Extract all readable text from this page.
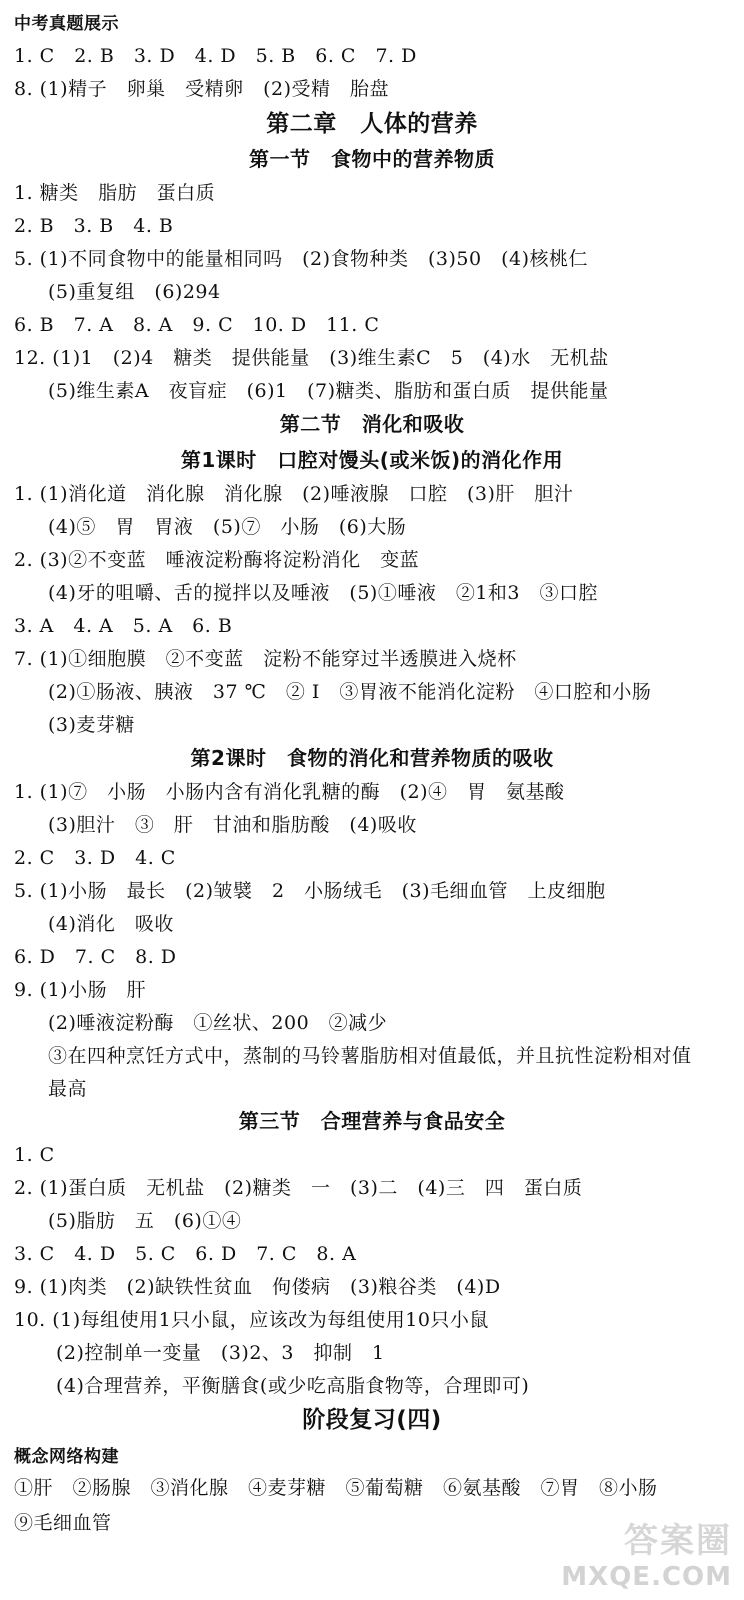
中考真题展示
1. C　2. B　3. D　4. D　5. B　6. C　7. D
8. (1)精子　卵巢　受精卵　(2)受精　胎盘
第二章　人体的营养
第一节　食物中的营养物质
1. 糖类　脂肪　蛋白质
2. B　3. B　4. B
5. (1)不同食物中的能量相同吗　(2)食物种类　(3)50　(4)核桃仁
(5)重复组　(6)294
6. B　7. A　8. A　9. C　10. D　11. C
12. (1)1　(2)4　糖类　提供能量　(3)维生素C　5　(4)水　无机盐
(5)维生素A　夜盲症　(6)1　(7)糖类、脂肪和蛋白质　提供能量
第二节　消化和吸收
第1课时　口腔对馒头(或米饭)的消化作用
1. (1)消化道　消化腺　消化腺　(2)唾液腺　口腔　(3)肝　胆汁
(4)⑤　胃　胃液　(5)⑦　小肠　(6)大肠
2. (3)②不变蓝　唾液淀粉酶将淀粉消化　变蓝
(4)牙的咀嚼、舌的搅拌以及唾液　(5)①唾液　②1和3　③口腔
3. A　4. A　5. A　6. B
7. (1)①细胞膜　②不变蓝　淀粉不能穿过半透膜进入烧杯
(2)①肠液、胰液　37 ℃　② Ⅰ　③胃液不能消化淀粉　④口腔和小肠
(3)麦芽糖
第2课时　食物的消化和营养物质的吸收
1. (1)⑦　小肠　小肠内含有消化乳糖的酶　(2)④　胃　氨基酸
(3)胆汁　③　肝　甘油和脂肪酸　(4)吸收
2. C　3. D　4. C
5. (1)小肠　最长　(2)皱襞　2　小肠绒毛　(3)毛细血管　上皮细胞
(4)消化　吸收
6. D　7. C　8. D
9. (1)小肠　肝
(2)唾液淀粉酶　①丝状、200　②减少
③在四种烹饪方式中，蒸制的马铃薯脂肪相对值最低，并且抗性淀粉相对值
最高
第三节　合理营养与食品安全
1. C
2. (1)蛋白质　无机盐　(2)糖类　一　(3)二　(4)三　四　蛋白质
(5)脂肪　五　(6)①④
3. C　4. D　5. C　6. D　7. C　8. A
9. (1)肉类　(2)缺铁性贫血　佝偻病　(3)粮谷类　(4)D
10. (1)每组使用1只小鼠，应该改为每组使用10只小鼠
(2)控制单一变量　(3)2、3　抑制　1
(4)合理营养，平衡膳食(或少吃高脂食物等，合理即可)
阶段复习(四)
概念网络构建
①肝　②肠腺　③消化腺　④麦芽糖　⑤葡萄糖　⑥氨基酸　⑦胃　⑧小肠
⑨毛细血管	答案圈
MXQE.COM
